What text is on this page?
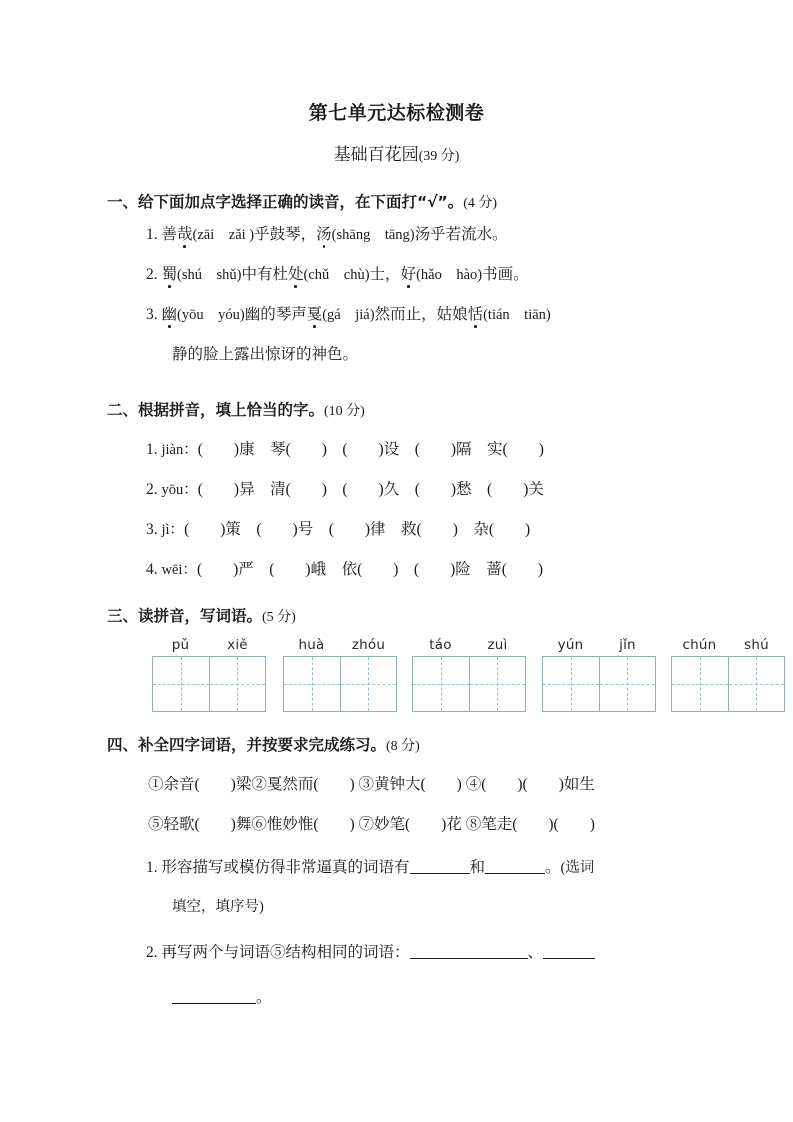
第七单元达标检测卷
基础百花园(39 分)
一、给下面加点字选择正确的读音，在下面打“√”。(4 分)
1. 善哉(zāi　zǎi )乎鼓琴，汤(shāng　tāng)汤乎若流水。
2. 蜀(shú　shǔ)中有杜处(chǔ　chù)士，好(hǎo　hào)书画。
3. 幽(yōu　yóu)幽的琴声戛(gá　jiá)然而止，姑娘恬(tián　tiān)
静的脸上露出惊讶的神色。
二、根据拼音，填上恰当的字。(10 分)
1. jiàn：(　　)康　琴(　　)　(　　)设　(　　)隔　实(　　)
2. yōu：(　　)异　清(　　)　(　　)久　(　　)愁　(　　)关
3. jì：(　　)策　(　　)号　(　　)律　救(　　)　杂(　　)
4. wēi：(　　)严　(　　)峨　依(　　)　(　　)险　蔷(　　)
三、读拼音，写词语。(5 分)
pǔ	xiě	huà	zhóu	táo	zuì	yún	jǐn	chún	shú
四、补全四字词语，并按要求完成练习。(8 分)
①余音(　　)梁②戛然而(　　) ③黄钟大(　　) ④(　　)(　　)如生
⑤轻歌(　　)舞⑥惟妙惟(　　) ⑦妙笔(　　)花 ⑧笔走(　　)(　　)
1. 形容描写或模仿得非常逼真的词语有	和	。(选词
填空，填序号)
2. 再写两个与词语⑤结构相同的词语：	、
。
